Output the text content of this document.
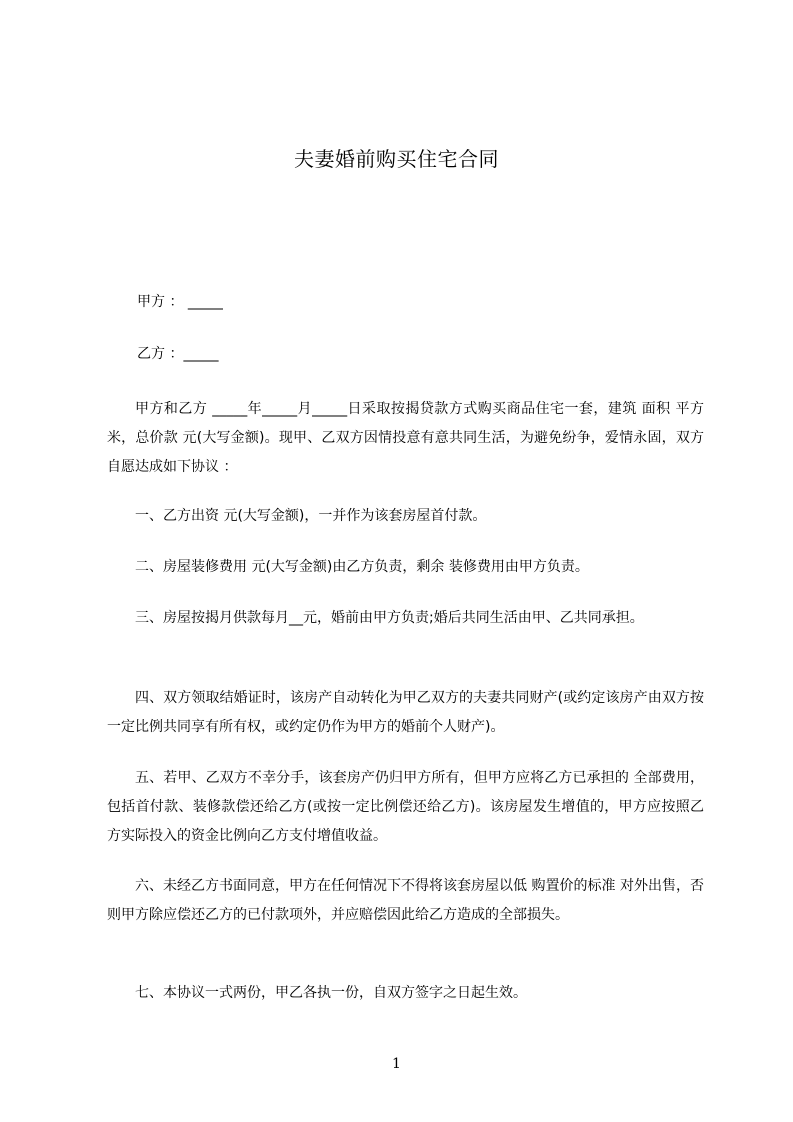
夫妻婚前购买住宅合同
甲方 ： _____
乙方 ：_____
甲方和乙方 _____年_____月_____日采取按揭贷款方式购买商品住宅一套，建筑 面积 平方米，总价款 元(大写金额)。现甲、乙双方因情投意有意共同生活，为避免纷争，爱情永固，双方自愿达成如下协议 ：
一、乙方出资 元(大写金额)，一并作为该套房屋首付款。
二、房屋装修费用 元(大写金额)由乙方负责，剩余 装修费用由甲方负责。
三、房屋按揭月供款每月__元，婚前由甲方负责;婚后共同生活由甲、乙共同承担。
四、双方领取结婚证时，该房产自动转化为甲乙双方的夫妻共同财产(或约定该房产由双方按一定比例共同享有所有权，或约定仍作为甲方的婚前个人财产)。
五、若甲、乙双方不幸分手，该套房产仍归甲方所有，但甲方应将乙方已承担的 全部费用，包括首付款、装修款偿还给乙方(或按一定比例偿还给乙方)。该房屋发生增值的，甲方应按照乙方实际投入的资金比例向乙方支付增值收益。
六、未经乙方书面同意，甲方在任何情况下不得将该套房屋以低 购置价的标准 对外出售，否则甲方除应偿还乙方的已付款项外，并应赔偿因此给乙方造成的全部损失。
七、本协议一式两份，甲乙各执一份，自双方签字之日起生效。
1
